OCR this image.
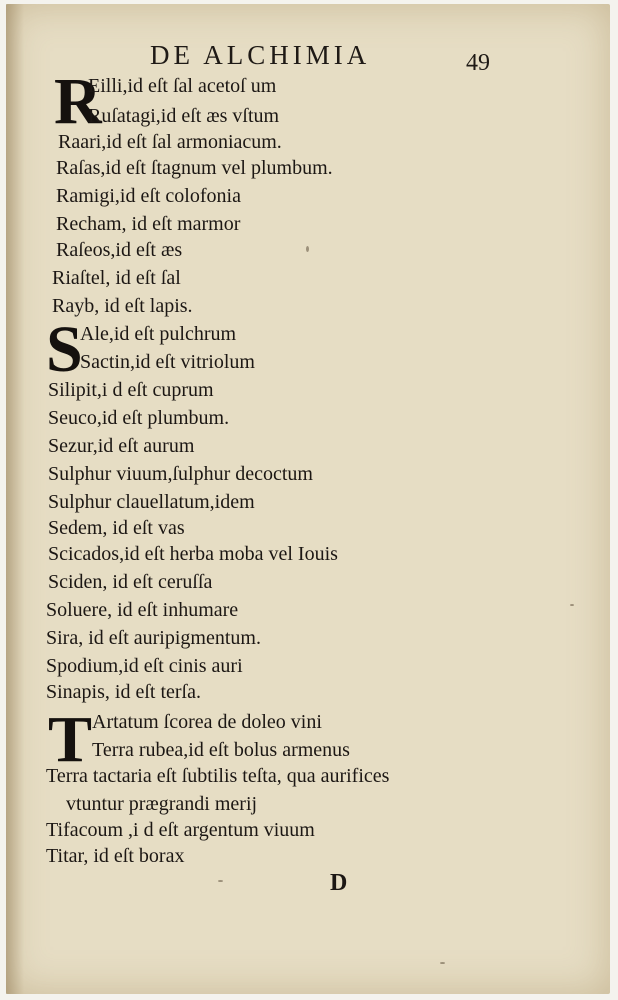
DE ALCHIMIA	49
R
Eilli,id eſt ſal acetoſ um
Ruſatagi,id eſt æs vſtum
Raari,id eſt ſal armoniacum.
Raſas,id eſt ſtagnum vel plumbum.
Ramigi,id eſt colofonia
Recham, id eſt marmor
Raſeos,id eſt æs
Riaſtel, id eſt ſal
Rayb, id eſt lapis.
S
Ale,id eſt pulchrum
Sactin,id eſt vitriolum
Silipit,i d eſt cuprum
Seuco,id eſt plumbum.
Sezur,id eſt aurum
Sulphur viuum,ſulphur decoctum
Sulphur clauellatum,idem
Sedem, id eſt vas
Scicados,id eſt herba moba vel Iouis
Sciden, id eſt ceruſſa
Soluere, id eſt inhumare
Sira, id eſt auripigmentum.
Spodium,id eſt cinis auri
Sinapis, id eſt terſa.
T Artatum ſcorea de doleo vini
Terra rubea,id eſt bolus armenus
Terra tactaria eſt ſubtilis teſta, qua aurifices
vtuntur prægrandi merij
Tifacoum ,i d eſt argentum viuum
Titar, id eſt borax
D
